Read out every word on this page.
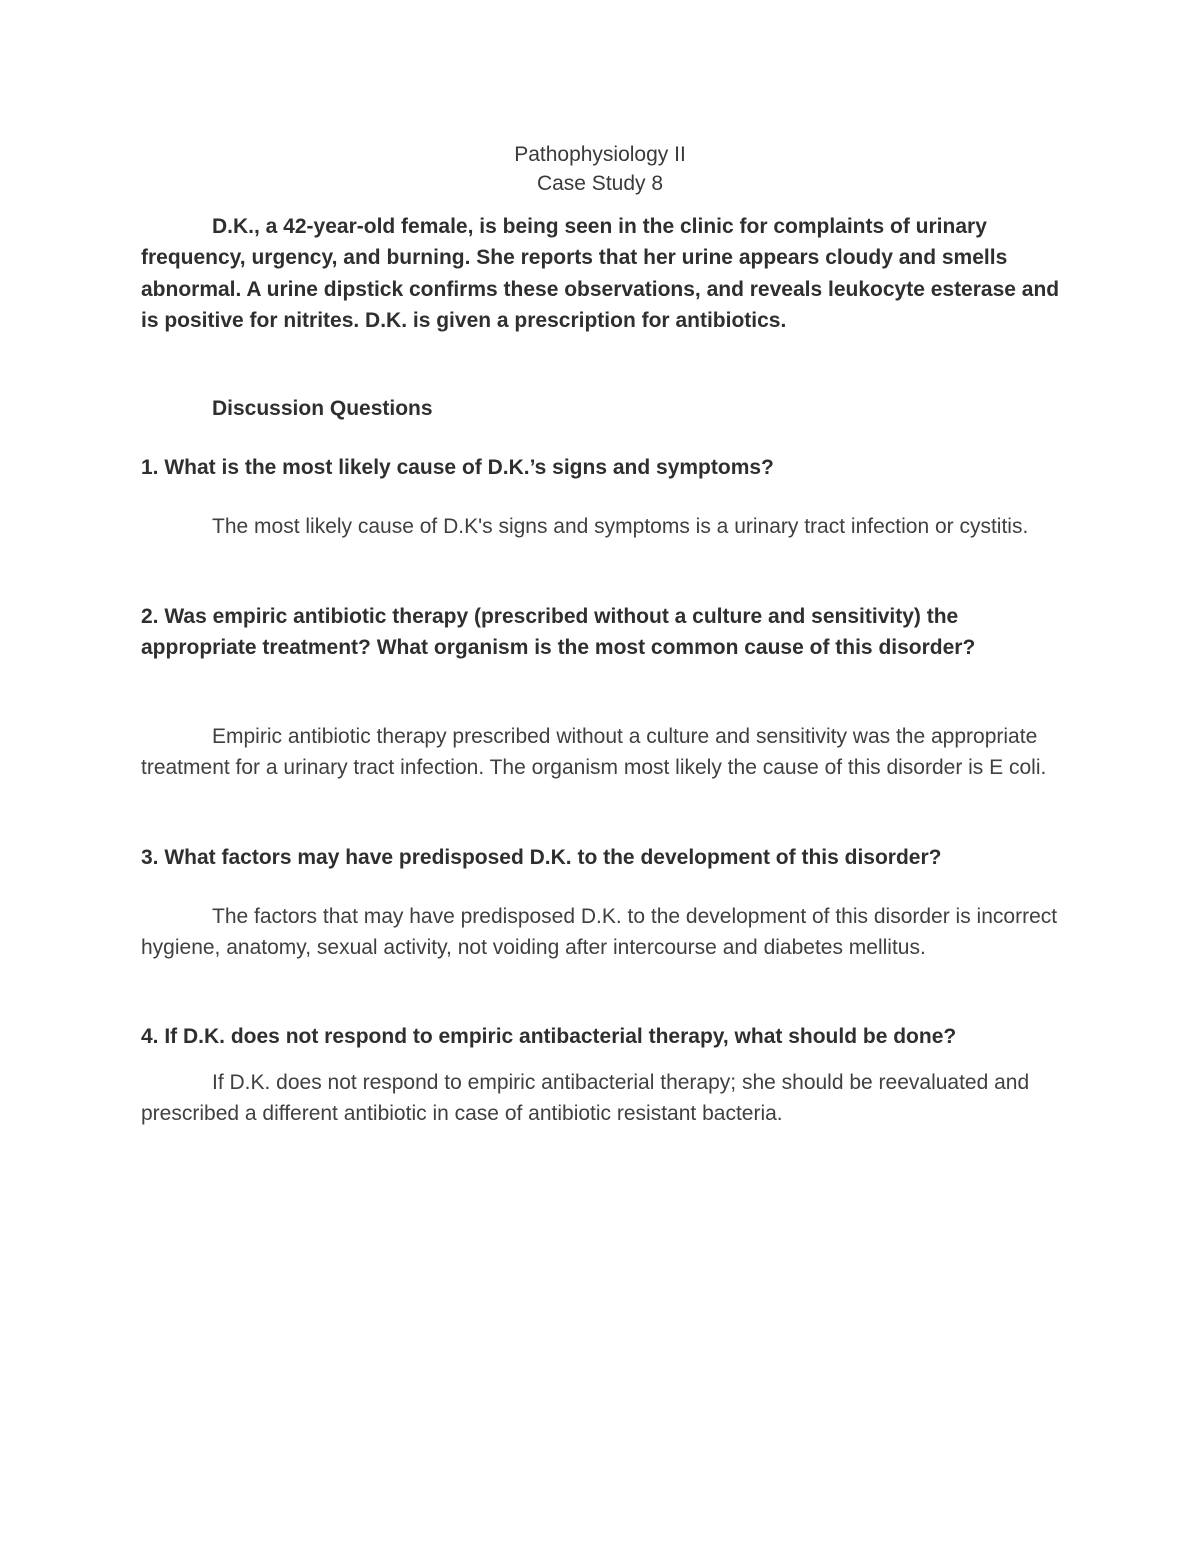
Pathophysiology II
Case Study 8

D.K., a 42-year-old female, is being seen in the clinic for complaints of urinary frequency, urgency, and burning. She reports that her urine appears cloudy and smells abnormal. A urine dipstick confirms these observations, and reveals leukocyte esterase and is positive for nitrites. D.K. is given a prescription for antibiotics.

Discussion Questions

1. What is the most likely cause of D.K.’s signs and symptoms?

The most likely cause of D.K's signs and symptoms is a urinary tract infection or cystitis.

2. Was empiric antibiotic therapy (prescribed without a culture and sensitivity) the appropriate treatment? What organism is the most common cause of this disorder?

Empiric antibiotic therapy prescribed without a culture and sensitivity was the appropriate treatment for a urinary tract infection. The organism most likely the cause of this disorder is E coli.

3. What factors may have predisposed D.K. to the development of this disorder?

The factors that may have predisposed D.K. to the development of this disorder is incorrect hygiene, anatomy, sexual activity, not voiding after intercourse and diabetes mellitus.

4. If D.K. does not respond to empiric antibacterial therapy, what should be done?

If D.K. does not respond to empiric antibacterial therapy; she should be reevaluated and prescribed a different antibiotic in case of antibiotic resistant bacteria.
